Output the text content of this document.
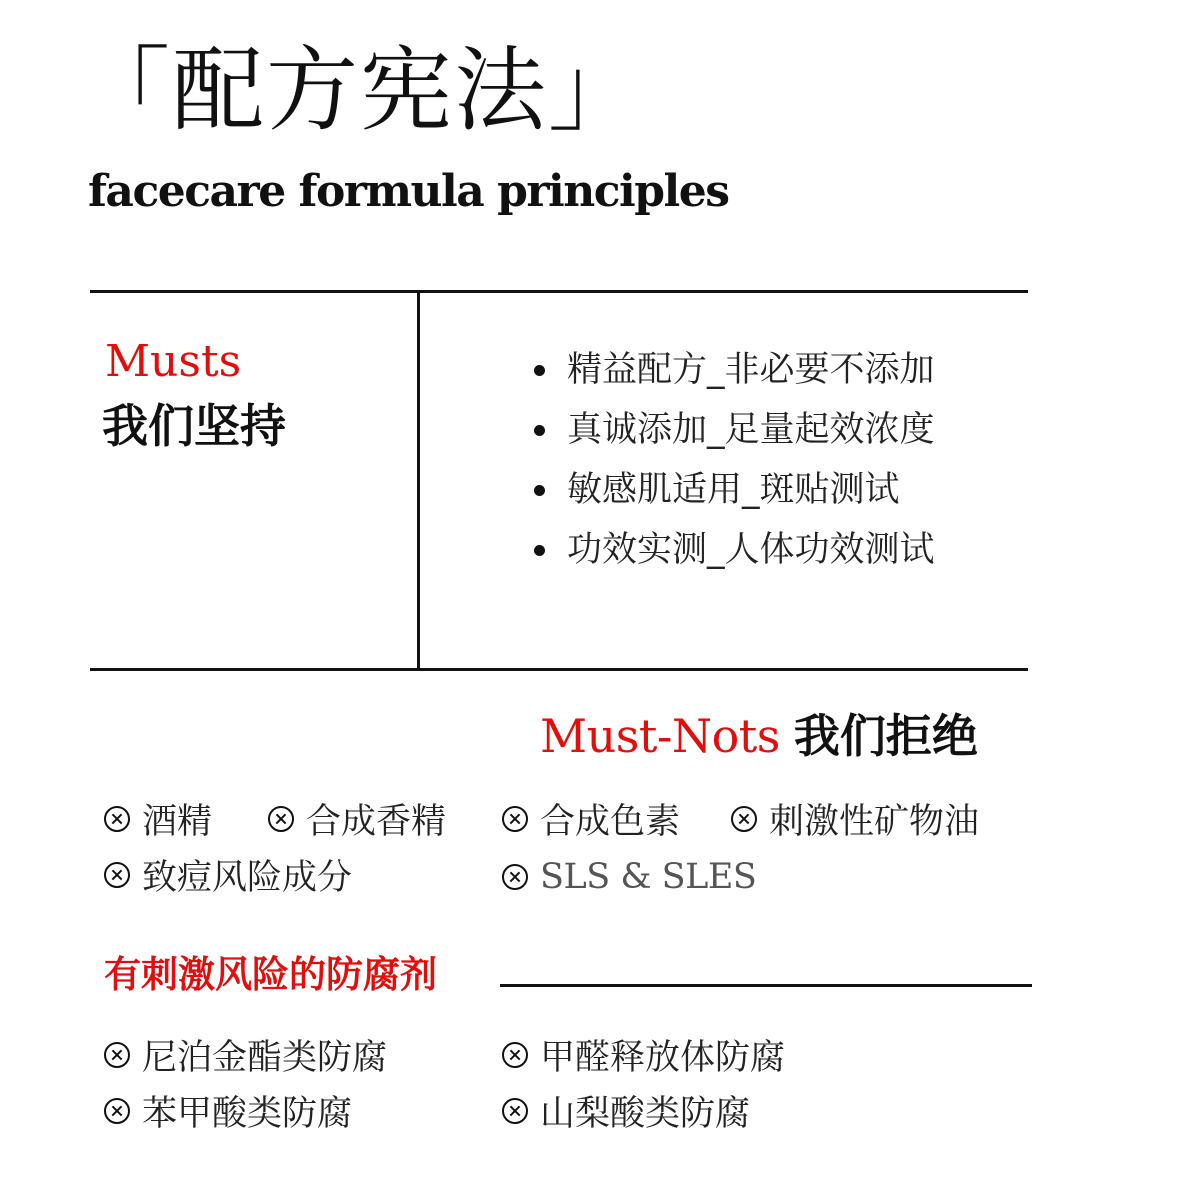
「配方宪法」
facecare formula principles
Musts
我们坚持
精益配方_非必要不添加
真诚添加_足量起效浓度
敏感肌适用_斑贴测试
功效实测_人体功效测试
Must-Nots 我们拒绝
酒精	合成香精	合成色素	刺激性矿物油
致痘风险成分	SLS & SLES
有刺激风险的防腐剂
尼泊金酯类防腐	甲醛释放体防腐
苯甲酸类防腐	山梨酸类防腐
